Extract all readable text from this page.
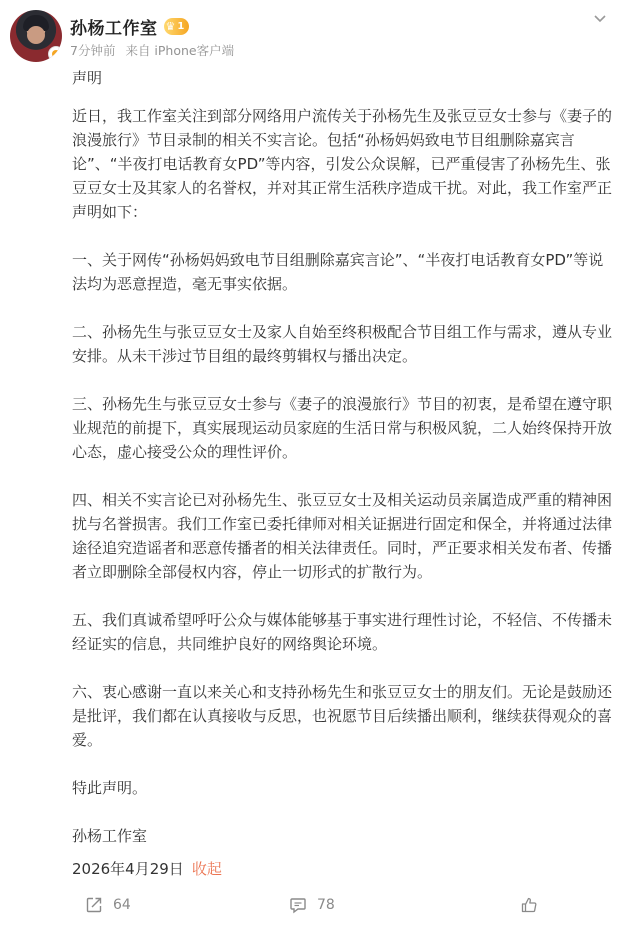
孙杨工作室 ♛ 1
7分钟前 来自 iPhone客户端

声明

近日，我工作室关注到部分网络用户流传关于孙杨先生及张豆豆女士参与《妻子的浪漫旅行》节目录制的相关不实言论。包括“孙杨妈妈致电节目组删除嘉宾言论”、“半夜打电话教育女PD”等内容，引发公众误解，已严重侵害了孙杨先生、张豆豆女士及其家人的名誉权，并对其正常生活秩序造成干扰。对此，我工作室严正声明如下：

一、关于网传“孙杨妈妈致电节目组删除嘉宾言论”、“半夜打电话教育女PD”等说法均为恶意捏造，毫无事实依据。

二、孙杨先生与张豆豆女士及家人自始至终积极配合节目组工作与需求，遵从专业安排。从未干涉过节目组的最终剪辑权与播出决定。

三、孙杨先生与张豆豆女士参与《妻子的浪漫旅行》节目的初衷，是希望在遵守职业规范的前提下，真实展现运动员家庭的生活日常与积极风貌，二人始终保持开放心态，虚心接受公众的理性评价。

四、相关不实言论已对孙杨先生、张豆豆女士及相关运动员亲属造成严重的精神困扰与名誉损害。我们工作室已委托律师对相关证据进行固定和保全，并将通过法律途径追究造谣者和恶意传播者的相关法律责任。同时，严正要求相关发布者、传播者立即删除全部侵权内容，停止一切形式的扩散行为。

五、我们真诚希望呼吁公众与媒体能够基于事实进行理性讨论，不轻信、不传播未经证实的信息，共同维护良好的网络舆论环境。

六、衷心感谢一直以来关心和支持孙杨先生和张豆豆女士的朋友们。无论是鼓励还是批评，我们都在认真接收与反思，也祝愿节目后续播出顺利，继续获得观众的喜爱。

特此声明。

孙杨工作室

2026年4月29日 收起
64	78
